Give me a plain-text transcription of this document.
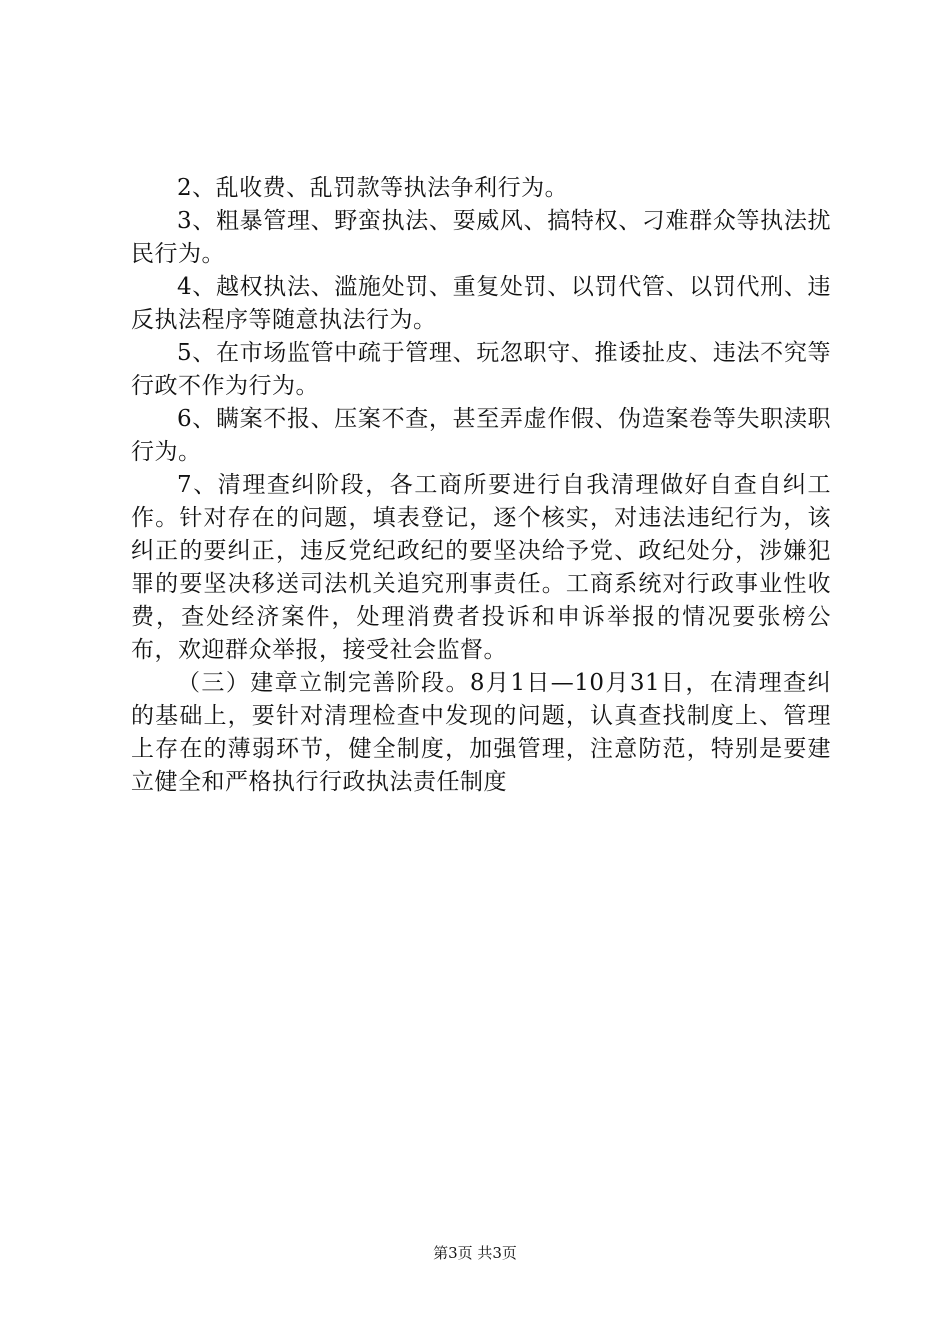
2、乱收费、乱罚款等执法争利行为。

3、粗暴管理、野蛮执法、耍威风、搞特权、刁难群众等执法扰民行为。

4、越权执法、滥施处罚、重复处罚、以罚代管、以罚代刑、违反执法程序等随意执法行为。

5、在市场监管中疏于管理、玩忽职守、推诿扯皮、违法不究等行政不作为行为。

6、瞒案不报、压案不查，甚至弄虚作假、伪造案卷等失职渎职行为。

7、清理查纠阶段，各工商所要进行自我清理做好自查自纠工作。针对存在的问题，填表登记，逐个核实，对违法违纪行为，该纠正的要纠正，违反党纪政纪的要坚决给予党、政纪处分，涉嫌犯罪的要坚决移送司法机关追究刑事责任。工商系统对行政事业性收费，查处经济案件，处理消费者投诉和申诉举报的情况要张榜公布，欢迎群众举报，接受社会监督。

（三）建章立制完善阶段。8月1日—10月31日，在清理查纠的基础上，要针对清理检查中发现的问题，认真查找制度上、管理上存在的薄弱环节，健全制度，加强管理，注意防范，特别是要建立健全和严格执行行政执法责任制度

第3页 共3页
